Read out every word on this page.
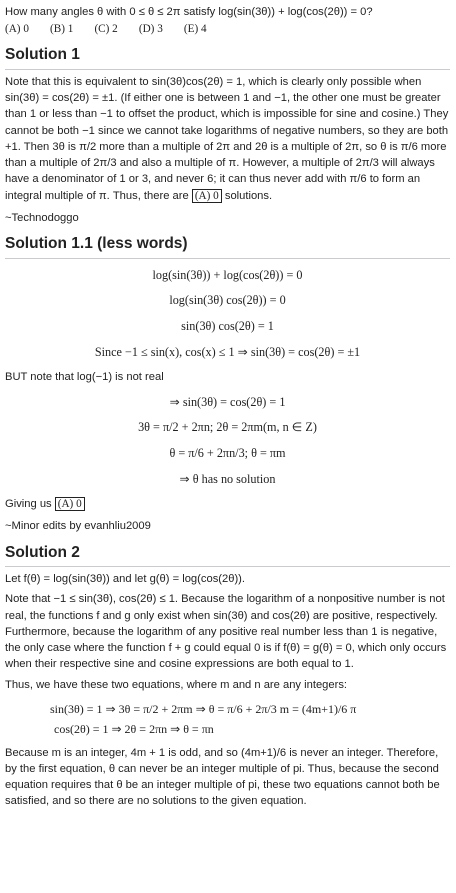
How many angles θ with 0 ≤ θ ≤ 2π satisfy log(sin(3θ)) + log(cos(2θ)) = 0?

(A) 0 (B) 1 (C) 2 (D) 3 (E) 4
Solution 1

Note that this is equivalent to sin(3θ)cos(2θ) = 1, which is clearly only possible when sin(3θ) = cos(2θ) = ±1. (If either one is between 1 and −1, the other one must be greater than 1 or less than −1 to offset the product, which is impossible for sine and cosine.) They cannot be both −1 since we cannot take logarithms of negative numbers, so they are both +1. Then 3θ is π/2 more than a multiple of 2π and 2θ is a multiple of 2π, so θ is π/6 more than a multiple of 2π/3 and also a multiple of π. However, a multiple of 2π/3 will always have a denominator of 1 or 3, and never 6; it can thus never add with π/6 to form an integral multiple of π. Thus, there are (A) 0 solutions.

~Technodoggo

Solution 1.1 (less words)
log(sin(3θ)) + log(cos(2θ)) = 0
log(sin(3θ) cos(2θ)) = 0
sin(3θ) cos(2θ) = 1
Since −1 ≤ sin(x), cos(x) ≤ 1 ⇒ sin(3θ) = cos(2θ) = ±1

BUT note that log(−1) is not real

⇒ sin(3θ) = cos(2θ) = 1
3θ = π/2 + 2πn; 2θ = 2πm(m, n ∈ Z)
θ = π/6 + 2πn/3; θ = πm
⇒ θ has no solution

Giving us (A) 0

~Minor edits by evanhliu2009

Solution 2

Let f(θ) = log(sin(3θ)) and let g(θ) = log(cos(2θ)).

Note that −1 ≤ sin(3θ), cos(2θ) ≤ 1. Because the logarithm of a nonpositive number is not real, the functions f and g only exist when sin(3θ) and cos(2θ) are positive, respectively. Furthermore, because the logarithm of any positive real number less than 1 is negative, the only case where the function f + g could equal 0 is if f(θ) = g(θ) = 0, which only occurs when their respective sine and cosine expressions are both equal to 1.

Thus, we have these two equations, where m and n are any integers:

sin(3θ) = 1 ⇒ 3θ = π/2 + 2πm ⇒ θ = π/6 + 2π/3 m = (4m+1)/6 π
cos(2θ) = 1 ⇒ 2θ = 2πn ⇒ θ = πn

Because m is an integer, 4m + 1 is odd, and so (4m+1)/6 is never an integer. Therefore, by the first equation, θ can never be an integer multiple of pi. Thus, because the second equation requires that θ be an integer multiple of pi, these two equations cannot both be satisfied, and so there are no solutions to the given equation.
